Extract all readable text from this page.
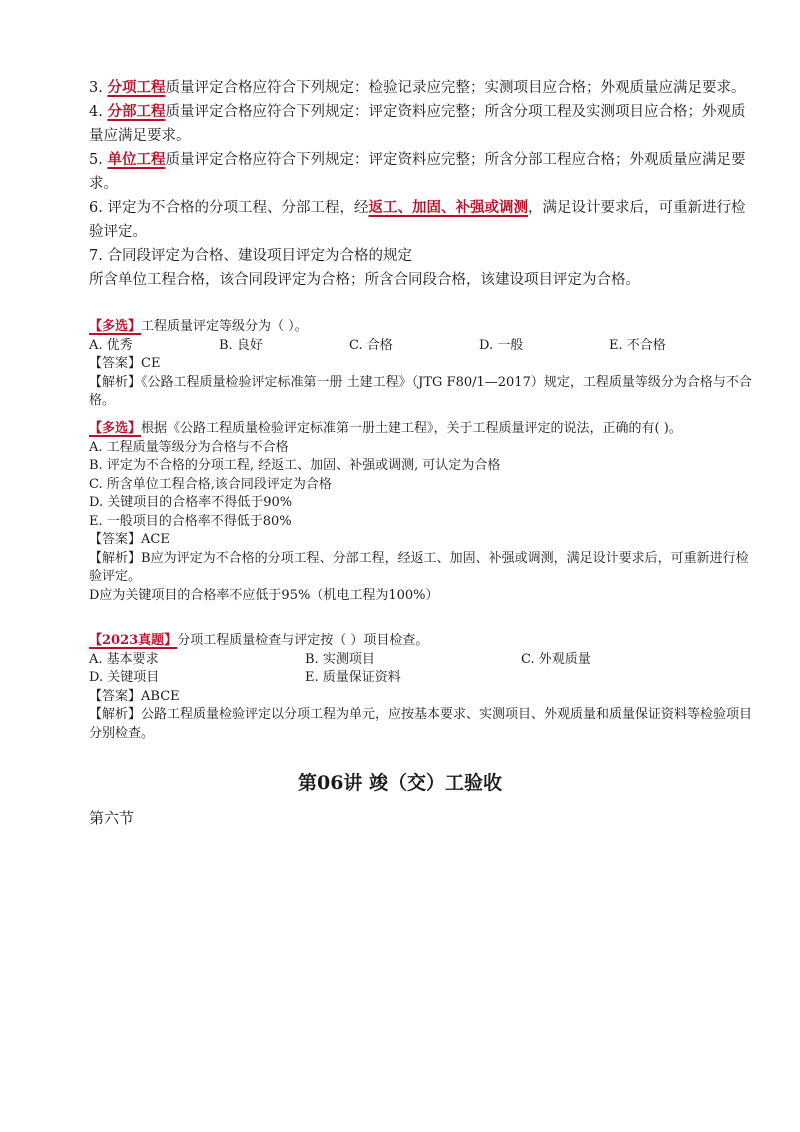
3. 分项工程质量评定合格应符合下列规定：检验记录应完整；实测项目应合格；外观质量应满足要求。

4. 分部工程质量评定合格应符合下列规定：评定资料应完整；所含分项工程及实测项目应合格；外观质量应满足要求。

5. 单位工程质量评定合格应符合下列规定：评定资料应完整；所含分部工程应合格；外观质量应满足要求。

6. 评定为不合格的分项工程、分部工程，经返工、加固、补强或调测，满足设计要求后，可重新进行检验评定。

7. 合同段评定为合格、建设项目评定为合格的规定

所含单位工程合格，该合同段评定为合格；所含合同段合格，该建设项目评定为合格。

【多选】工程质量评定等级分为（ ）。

A. 优秀	B. 良好	C. 合格	D. 一般	E. 不合格

【答案】CE

【解析】《公路工程质量检验评定标准第一册 土建工程》（JTG F80/1—2017）规定，工程质量等级分为合格与不合格。

【多选】根据《公路工程质量检验评定标准第一册土建工程》，关于工程质量评定的说法，正确的有( )。

A. 工程质量等级分为合格与不合格

B. 评定为不合格的分项工程, 经返工、加固、补强或调测, 可认定为合格

C. 所含单位工程合格,该合同段评定为合格

D. 关键项目的合格率不得低于90%

E. 一般项目的合格率不得低于80%

【答案】ACE

【解析】B应为评定为不合格的分项工程、分部工程，经返工、加固、补强或调测，满足设计要求后，可重新进行检验评定。

D应为关键项目的合格率不应低于95%（机电工程为100%）

【2023真题】分项工程质量检查与评定按（ ）项目检查。

A. 基本要求	B. 实测项目	C. 外观质量
D. 关键项目	E. 质量保证资料

【答案】ABCE

【解析】公路工程质量检验评定以分项工程为单元，应按基本要求、实测项目、外观质量和质量保证资料等检验项目分别检查。

第06讲 竣（交）工验收
第六节
